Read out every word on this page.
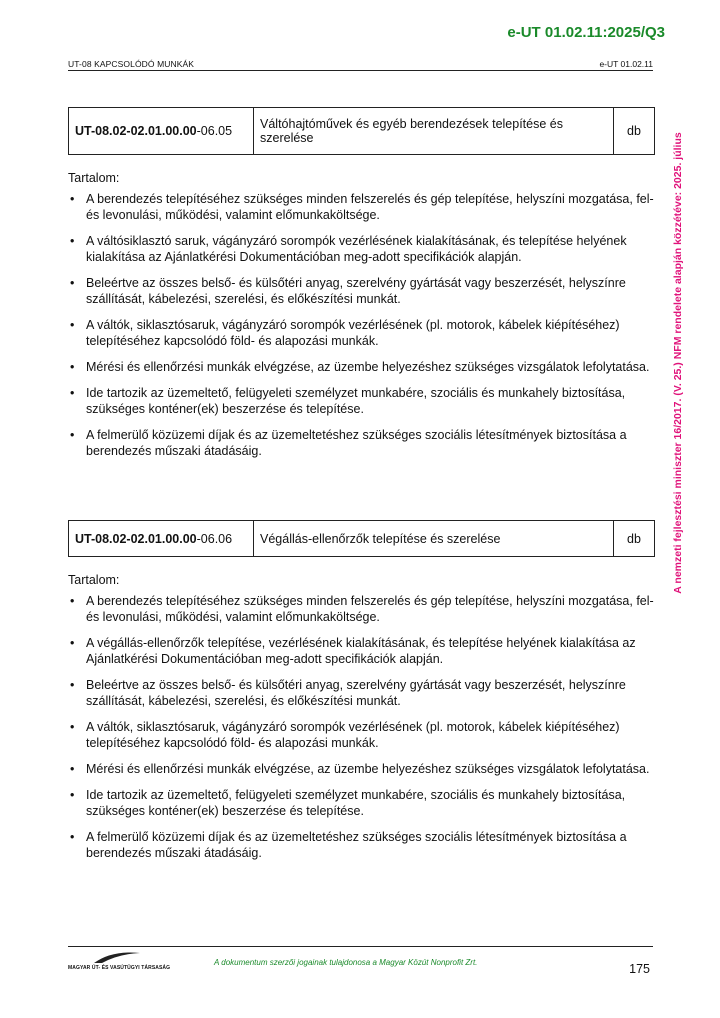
e-UT 01.02.11:2025/Q3
UT-08 KAPCSOLÓDÓ MUNKÁK	e-UT 01.02.11
A nemzeti fejlesztési miniszter 16/2017. (V. 25.) NFM rendelete alapján közzétéve: 2025. július
UT-08.02-02.01.00.00-06.05	Váltóhajtóművek és egyéb berendezések telepítése és szerelése	db
Tartalom:
• A berendezés telepítéséhez szükséges minden felszerelés és gép telepítése, helyszíni mozgatása, fel- és levonulási, működési, valamint előmunkaköltsége.
• A váltósiklasztó saruk, vágányzáró sorompók vezérlésének kialakításának, és telepítése helyének kialakítása az Ajánlatkérési Dokumentációban meg-adott specifikációk alapján.
• Beleértve az összes belső- és külsőtéri anyag, szerelvény gyártását vagy beszerzését, helyszínre szállítását, kábelezési, szerelési, és előkészítési munkát.
• A váltók, siklasztósaruk, vágányzáró sorompók vezérlésének (pl. motorok, kábelek kiépítéséhez) telepítéséhez kapcsolódó föld- és alapozási munkák.
• Mérési és ellenőrzési munkák elvégzése, az üzembe helyezéshez szükséges vizsgálatok lefolytatása.
• Ide tartozik az üzemeltető, felügyeleti személyzet munkabére, szociális és munkahely biztosítása, szükséges konténer(ek) beszerzése és telepítése.
• A felmerülő közüzemi díjak és az üzemeltetéshez szükséges szociális létesítmények biztosítása a berendezés műszaki átadásáig.
UT-08.02-02.01.00.00-06.06	Végállás-ellenőrzők telepítése és szerelése	db
Tartalom:
• A berendezés telepítéséhez szükséges minden felszerelés és gép telepítése, helyszíni mozgatása, fel- és levonulási, működési, valamint előmunkaköltsége.
• A végállás-ellenőrzők telepítése, vezérlésének kialakításának, és telepítése helyének kialakítása az Ajánlatkérési Dokumentációban meg-adott specifikációk alapján.
• Beleértve az összes belső- és külsőtéri anyag, szerelvény gyártását vagy beszerzését, helyszínre szállítását, kábelezési, szerelési, és előkészítési munkát.
• A váltók, siklasztósaruk, vágányzáró sorompók vezérlésének (pl. motorok, kábelek kiépítéséhez) telepítéséhez kapcsolódó föld- és alapozási munkák.
• Mérési és ellenőrzési munkák elvégzése, az üzembe helyezéshez szükséges vizsgálatok lefolytatása.
• Ide tartozik az üzemeltető, felügyeleti személyzet munkabére, szociális és munkahely biztosítása, szükséges konténer(ek) beszerzése és telepítése.
• A felmerülő közüzemi díjak és az üzemeltetéshez szükséges szociális létesítmények biztosítása a berendezés műszaki átadásáig.
MAGYAR ÚT- ÉS VASÚTÜGYI TÁRSASÁG
A dokumentum szerzői jogainak tulajdonosa a Magyar Közút Nonprofit Zrt.	175
